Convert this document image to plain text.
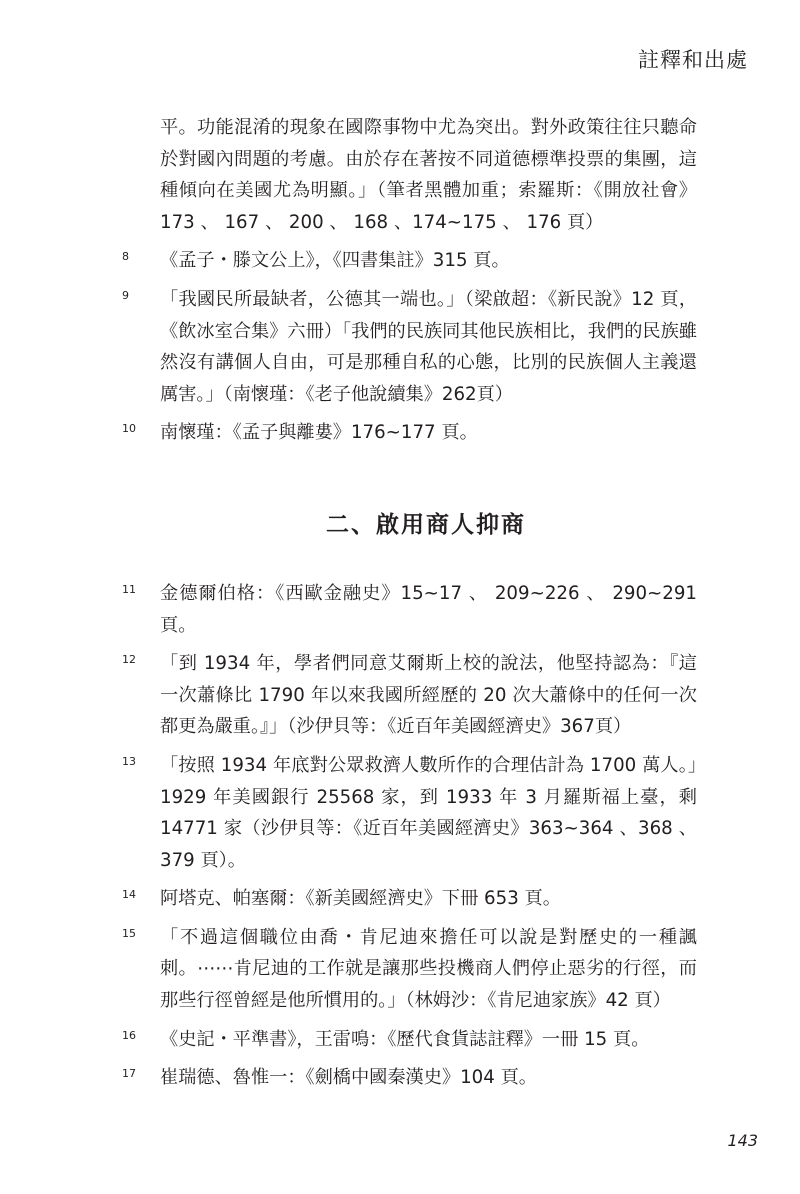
註釋和出處
平。功能混淆的現象在國際事物中尤為突出。對外政策往往只聽命於對國內問題的考慮。由於存在著按不同道德標準投票的集團，這種傾向在美國尤為明顯。」（筆者黑體加重；索羅斯：《開放社會》173 、 167 、 200 、 168 、174~175 、 176 頁）
8	《孟子・滕文公上》，《四書集註》315 頁。
9	「我國民所最缺者，公德其一端也。」（梁啟超：《新民說》12 頁，《飲冰室合集》六冊）「我們的民族同其他民族相比，我們的民族雖然沒有講個人自由，可是那種自私的心態，比別的民族個人主義還厲害。」（南懷瑾：《老子他說續集》262頁）
10	南懷瑾：《孟子與離婁》176~177 頁。
二、啟用商人抑商
11	金德爾伯格：《西歐金融史》15~17 、 209~226 、 290~291 頁。
12	「到 1934 年，學者們同意艾爾斯上校的說法，他堅持認為：『這一次蕭條比 1790 年以來我國所經歷的 20 次大蕭條中的任何一次都更為嚴重。』」（沙伊貝等：《近百年美國經濟史》367頁）
13	「按照 1934 年底對公眾救濟人數所作的合理估計為 1700 萬人。」1929 年美國銀行 25568 家，到 1933 年 3 月羅斯福上臺，剩 14771 家（沙伊貝等：《近百年美國經濟史》363~364 、368 、 379 頁）。
14	阿塔克、帕塞爾：《新美國經濟史》下冊 653 頁。
15	「不過這個職位由喬・肯尼迪來擔任可以說是對歷史的一種諷刺。⋯⋯肯尼迪的工作就是讓那些投機商人們停止惡劣的行徑，而那些行徑曾經是他所慣用的。」（林姆沙：《肯尼迪家族》42 頁）
16	《史記・平準書》，王雷鳴：《歷代食貨誌註釋》一冊 15 頁。
17	崔瑞德、魯惟一：《劍橋中國秦漢史》104 頁。
143
